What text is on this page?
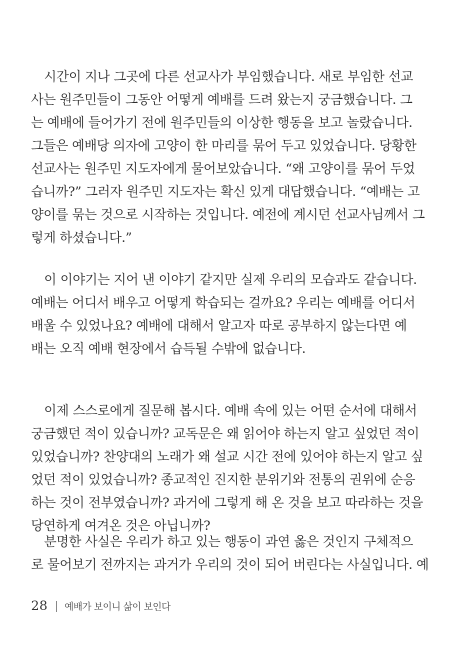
시간이 지나 그곳에 다른 선교사가 부임했습니다. 새로 부임한 선교
사는 원주민들이 그동안 어떻게 예배를 드려 왔는지 궁금했습니다. 그
는 예배에 들어가기 전에 원주민들의 이상한 행동을 보고 놀랐습니다.
그들은 예배당 의자에 고양이 한 마리를 묶어 두고 있었습니다. 당황한
선교사는 원주민 지도자에게 물어보았습니다. “왜 고양이를 묶어 두었
습니까?” 그러자 원주민 지도자는 확신 있게 대답했습니다. “예배는 고
양이를 묶는 것으로 시작하는 것입니다. 예전에 계시던 선교사님께서 그
렇게 하셨습니다.”
이 이야기는 지어 낸 이야기 같지만 실제 우리의 모습과도 같습니다.
예배는 어디서 배우고 어떻게 학습되는 걸까요? 우리는 예배를 어디서
배울 수 있었나요? 예배에 대해서 알고자 따로 공부하지 않는다면 예
배는 오직 예배 현장에서 습득될 수밖에 없습니다.
이제 스스로에게 질문해 봅시다. 예배 속에 있는 어떤 순서에 대해서
궁금했던 적이 있습니까? 교독문은 왜 읽어야 하는지 알고 싶었던 적이
있었습니까? 찬양대의 노래가 왜 설교 시간 전에 있어야 하는지 알고 싶
었던 적이 있었습니까? 종교적인 진지한 분위기와 전통의 권위에 순응
하는 것이 전부였습니까? 과거에 그렇게 해 온 것을 보고 따라하는 것을
당연하게 여겨온 것은 아닙니까?
분명한 사실은 우리가 하고 있는 행동이 과연 옳은 것인지 구체적으
로 물어보기 전까지는 과거가 우리의 것이 되어 버린다는 사실입니다. 예
28 예배가 보이니 삶이 보인다
